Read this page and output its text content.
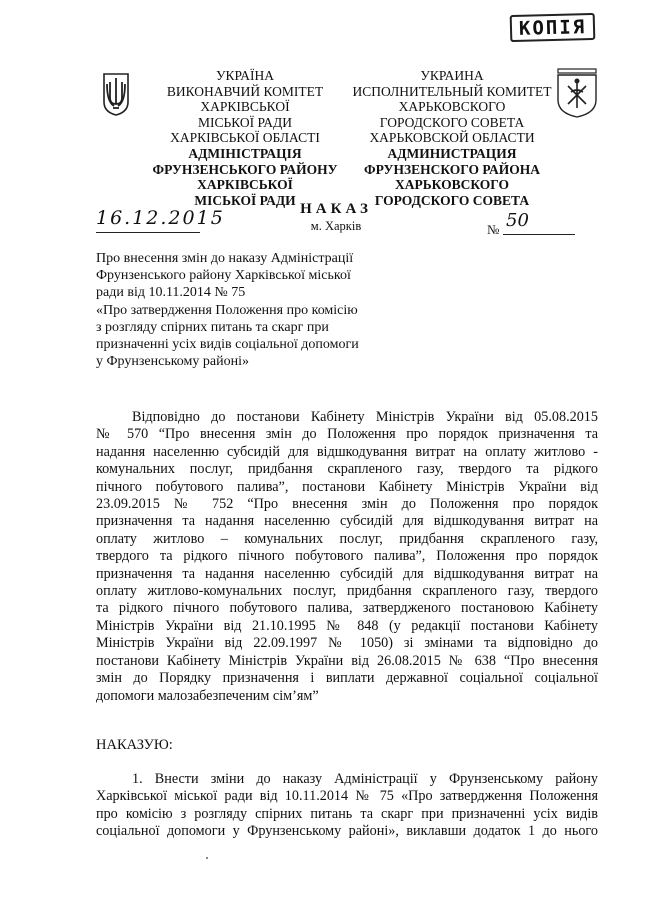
КОПІЯ
УКРАЇНА
ВИКОНАВЧИЙ КОМІТЕТ
ХАРКІВСЬКОЇ
МІСЬКОЇ РАДИ
ХАРКІВСЬКОЇ ОБЛАСТІ
АДМІНІСТРАЦІЯ
ФРУНЗЕНСЬКОГО РАЙОНУ
ХАРКІВСЬКОЇ
МІСЬКОЇ РАДИ
УКРАИНА
ИСПОЛНИТЕЛЬНЫЙ КОМИТЕТ
ХАРЬКОВСКОГО
ГОРОДСКОГО СОВЕТА
ХАРЬКОВСКОЙ ОБЛАСТИ
АДМИНИСТРАЦИЯ
ФРУНЗЕНСКОГО РАЙОНА
ХАРЬКОВСКОГО
ГОРОДСКОГО СОВЕТА
НАКАЗ
м. Харків
16.12.2015
№ 50
Про внесення змін до наказу Адміністрації
Фрунзенського району Харківської міської
ради від 10.11.2014 № 75
«Про затвердження Положення про комісію
з розгляду спірних питань та скарг при
призначенні усіх видів соціальної допомоги
у Фрунзенському районі»
Відповідно до постанови Кабінету Міністрів України від 05.08.2015
№ 570 “Про внесення змін до Положення про порядок призначення та
надання населенню субсидій для відшкодування витрат на оплату житлово -
комунальних послуг, придбання скрапленого газу, твердого та рідкого
пічного побутового палива”, постанови Кабінету Міністрів України від
23.09.2015 № 752 “Про внесення змін до Положення про порядок
призначення та надання населенню субсидій для відшкодування витрат на
оплату житлово – комунальних послуг, придбання скрапленого газу,
твердого та рідкого пічного побутового палива”, Положення про порядок
призначення та надання населенню субсидій для відшкодування витрат на
оплату житлово-комунальних послуг, придбання скрапленого газу, твердого
та рідкого пічного побутового палива, затвердженого постановою Кабінету
Міністрів України від 21.10.1995 № 848 (у редакції постанови Кабінету
Міністрів України від 22.09.1997 № 1050) зі змінами та відповідно до
постанови Кабінету Міністрів України від 26.08.2015 № 638 “Про внесення
змін до Порядку призначення і виплати державної соціальної соціальної
допомоги малозабезпеченим сім’ям”
НАКАЗУЮ:
1. Внести зміни до наказу Адміністрації у Фрунзенському району
Харківської міської ради від 10.11.2014 № 75 «Про затвердження Положення
про комісію з розгляду спірних питань та скарг при призначенні усіх видів
соціальної допомоги у Фрунзенському районі», виклавши додаток 1 до нього
